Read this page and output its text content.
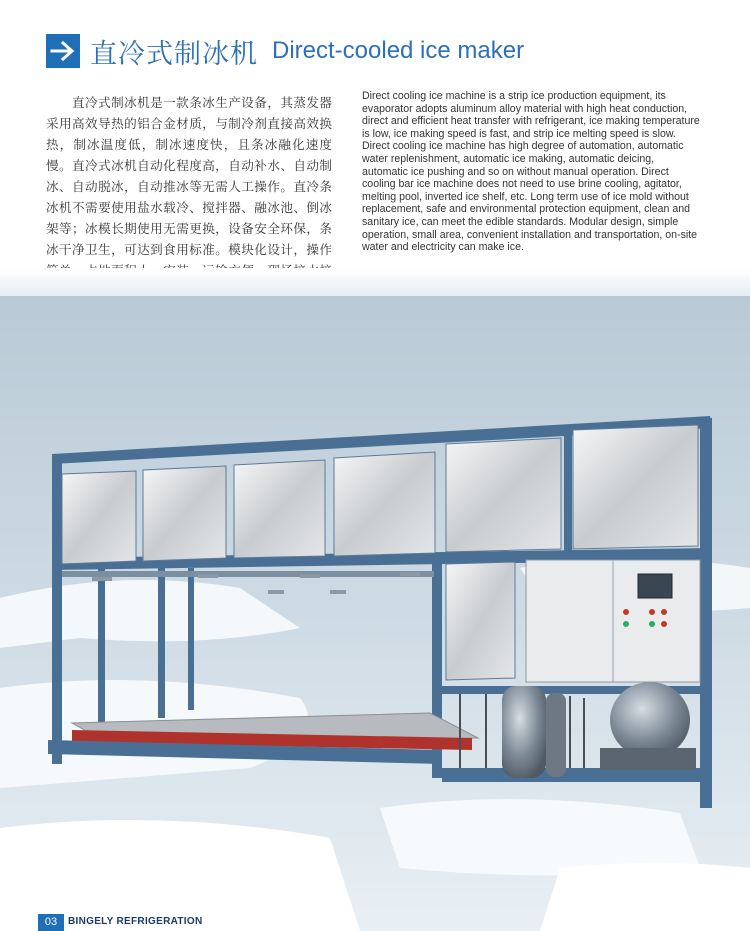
直冷式制冰机 Direct-cooled ice maker
直冷式制冰机是一款条冰生产设备，其蒸发器采用高效导热的铝合金材质，与制冷剂直接高效换热，制冰温度低，制冰速度快，且条冰融化速度慢。直冷式冰机自动化程度高，自动补水、自动制冰、自动脱冰，自动推冰等无需人工操作。直冷条冰机不需要使用盐水载冷、搅拌器、融冰池、倒冰架等；冰模长期使用无需更换，设备安全环保，条冰干净卫生，可达到食用标准。模块化设计，操作
Direct cooling ice machine is a strip ice production equipment, its evaporator adopts aluminum alloy material with high heat conduction, direct and efficient heat transfer with refrigerant, ice making temperature is low, ice making speed is fast, and strip ice melting speed is slow. Direct cooling ice machine has high degree of automation, automatic water replenishment, automatic ice making, automatic deicing, automatic ice pushing and so on without manual operation. Direct cooling bar ice machine does not need to use brine cooling, agitator, melting pool, inverted ice shelf, etc. Long term use of ice mold without replacement, safe and environmental protection equipment, clean and sanitary ice, can meet the edible standards. Modular design, simple operation, small area, convenient installation and transportation, on-site water and electricity can make ice.
03	BINGELY REFRIGERATION
